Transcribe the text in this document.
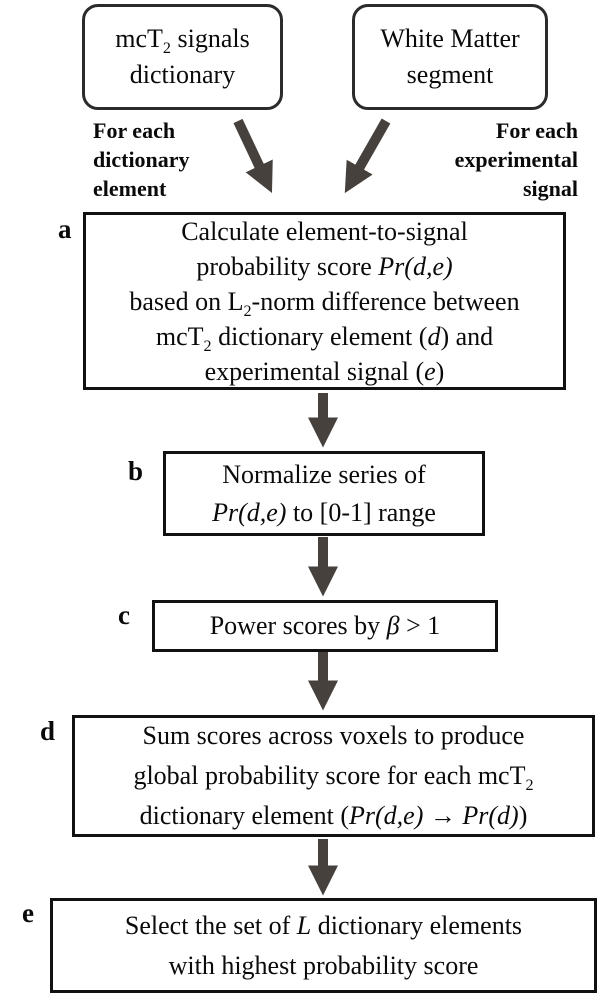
mcT$_2$ signals
dictionary
White Matter
segment
For each
dictionary
element
For each
experimental
signal
a	Calculate element-to-signal
probability score Pr(d,e)
based on $L_2$-norm difference between
mcT$_2$ dictionary element (d) and
experimental signal (e)
b	Normalize series of
Pr(d,e) to [0-1] range
c	Power scores by β > 1
d	Sum scores across voxels to produce
global probability score for each mcT$_2$
dictionary element (Pr(d,e) → Pr(d))
e	Select the set of L dictionary elements
with highest probability score
